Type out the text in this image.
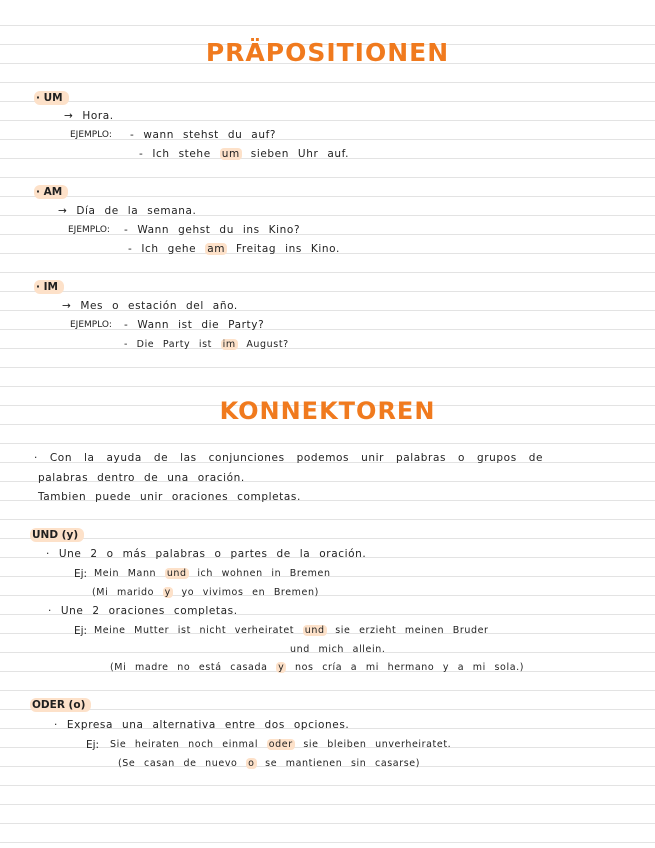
PRÄPOSITIONEN
· UM
→ Hora.
EJEMPLO: - wann stehst du auf?
- Ich stehe um sieben Uhr auf.
· AM
→ Día de la semana.
EJEMPLO: - Wann gehst du ins Kino?
- Ich gehe am Freitag ins Kino.
· IM
→ Mes o estación del año.
EJEMPLO: - Wann ist die Party?
- Die Party ist im August?
KONNEKTOREN
· Con la ayuda de las conjunciones podemos unir palabras o grupos de
palabras dentro de una oración.
Tambien puede unir oraciones completas.
UND (y)
· Une 2 o más palabras o partes de la oración.
Ej: Mein Mann und ich wohnen in Bremen
(Mi marido y yo vivimos en Bremen)
· Une 2 oraciones completas.
Ej: Meine Mutter ist nicht verheiratet und sie erzieht meinen Bruder
und mich allein.
(Mi madre no está casada y nos cría a mi hermano y a mi sola.)
ODER (o)
· Expresa una alternativa entre dos opciones.
Ej: Sie heiraten noch einmal oder sie bleiben unverheiratet.
(Se casan de nuevo o se mantienen sin casarse)
